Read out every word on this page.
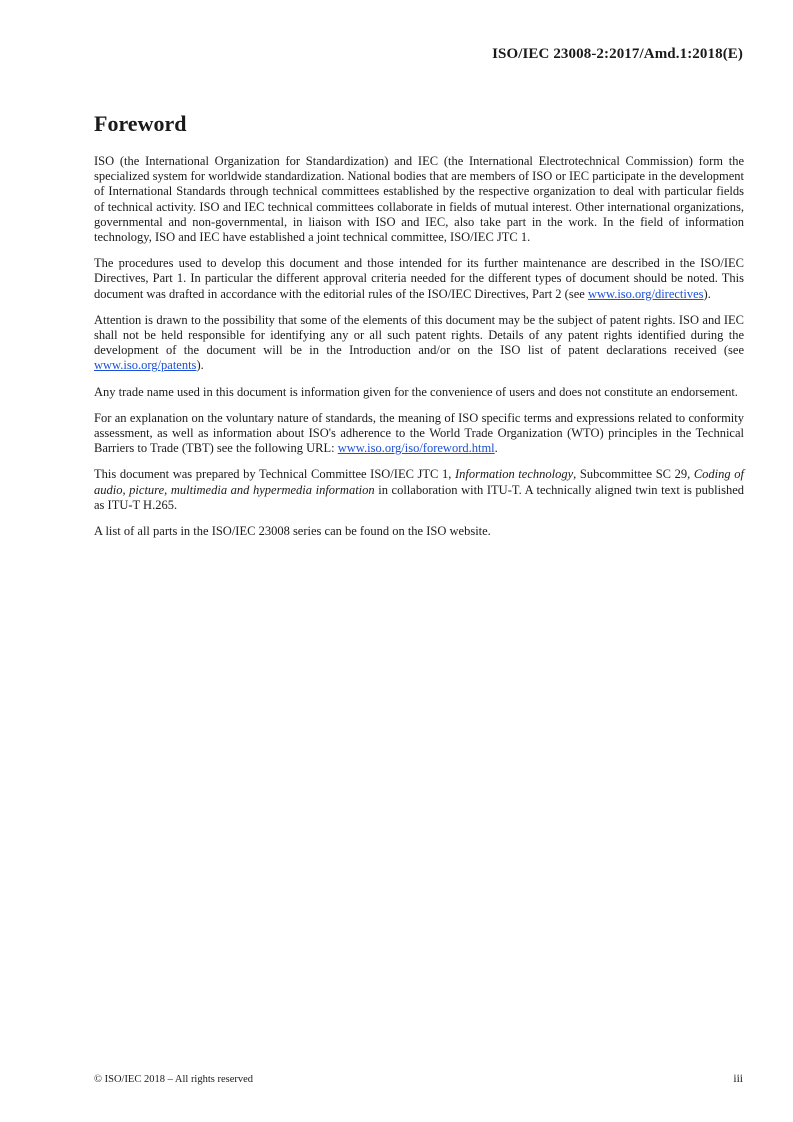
ISO/IEC 23008-2:2017/Amd.1:2018(E)
Foreword

ISO (the International Organization for Standardization) and IEC (the International Electrotechnical Commission) form the specialized system for worldwide standardization. National bodies that are members of ISO or IEC participate in the development of International Standards through technical committees established by the respective organization to deal with particular fields of technical activity. ISO and IEC technical committees collaborate in fields of mutual interest. Other international organizations, governmental and non-governmental, in liaison with ISO and IEC, also take part in the work. In the field of information technology, ISO and IEC have established a joint technical committee, ISO/IEC JTC 1.

The procedures used to develop this document and those intended for its further maintenance are described in the ISO/IEC Directives, Part 1. In particular the different approval criteria needed for the different types of document should be noted. This document was drafted in accordance with the editorial rules of the ISO/IEC Directives, Part 2 (see www.iso.org/directives).

Attention is drawn to the possibility that some of the elements of this document may be the subject of patent rights. ISO and IEC shall not be held responsible for identifying any or all such patent rights. Details of any patent rights identified during the development of the document will be in the Introduction and/or on the ISO list of patent declarations received (see www.iso.org/patents).

Any trade name used in this document is information given for the convenience of users and does not constitute an endorsement.

For an explanation on the voluntary nature of standards, the meaning of ISO specific terms and expressions related to conformity assessment, as well as information about ISO's adherence to the World Trade Organization (WTO) principles in the Technical Barriers to Trade (TBT) see the following URL: www.iso.org/iso/foreword.html.

This document was prepared by Technical Committee ISO/IEC JTC 1, Information technology, Subcommittee SC 29, Coding of audio, picture, multimedia and hypermedia information in collaboration with ITU-T. A technically aligned twin text is published as ITU-T H.265.

A list of all parts in the ISO/IEC 23008 series can be found on the ISO website.

© ISO/IEC 2018 – All rights reserved	iii
